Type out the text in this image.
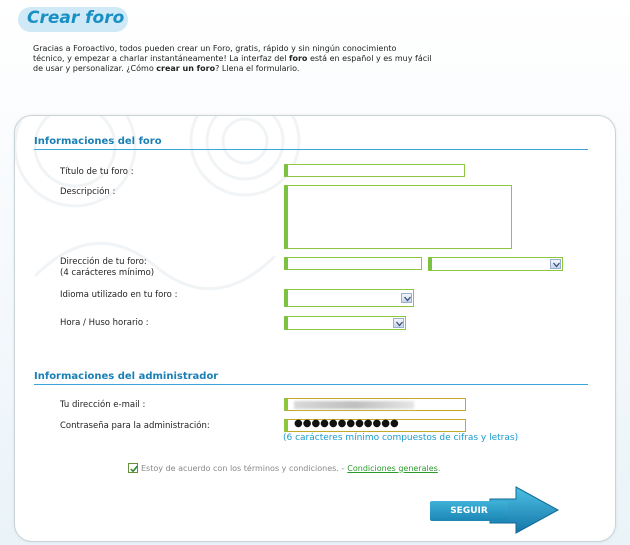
Crear foro
Gracias a Foroactivo, todos pueden crear un Foro, gratis, rápido y sin ningún conocimiento
técnico, y empezar a charlar instantáneamente! La interfaz del foro está en español y es muy fácil
de usar y personalizar. ¿Cómo crear un foro? Llena el formulario.
Informaciones del foro
Título de tu foro :
Descripción :
Dirección de tu foro:
(4 carácteres mínimo)
Idioma utilizado en tu foro :
Hora / Huso horario :
Informaciones del administrador
Tu dirección e-mail :
Contraseña para la administración:	●●●●●●●●●●●●
(6 carácteres mínimo compuestos de cifras y letras)
Estoy de acuerdo con los términos y condiciones. - Condiciones generales .
SEGUIR
